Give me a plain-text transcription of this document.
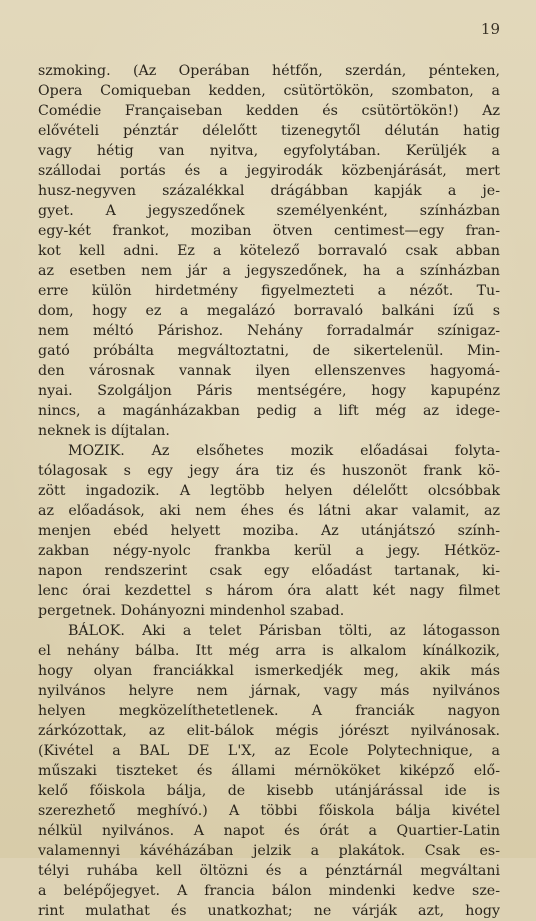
19
szmoking. (Az Operában hétfőn, szerdán, pénteken,
Opera Comiqueban kedden, csütörtökön, szombaton, a
Comédie Françaiseban kedden és csütörtökön!) Az
elővételi pénztár délelőtt tizenegytől délután hatig
vagy hétig van nyitva, egyfolytában. Kerüljék a
szállodai portás és a jegyirodák közbenjárását, mert
husz-negyven százalékkal drágábban kapják a je-
gyet. A jegyszedőnek személyenként, színházban
egy-két frankot, moziban ötven centimest—egy fran-
kot kell adni. Ez a kötelező borravaló csak abban
az esetben nem jár a jegyszedőnek, ha a színházban
erre külön hirdetmény figyelmezteti a nézőt. Tu-
dom, hogy ez a megalázó borravaló balkáni ízű s
nem méltó Párishoz. Nehány forradalmár színigaz-
gató próbálta megváltoztatni, de sikertelenül. Min-
den városnak vannak ilyen ellenszenves hagyomá-
nyai. Szolgáljon Páris mentségére, hogy kapupénz
nincs, a magánházakban pedig a lift még az idege-
neknek is díjtalan.
MOZIK. Az elsőhetes mozik előadásai folyta-
tólagosak s egy jegy ára tiz és huszonöt frank kö-
zött ingadozik. A legtöbb helyen délelőtt olcsóbbak
az előadások, aki nem éhes és látni akar valamit, az
menjen ebéd helyett moziba. Az utánjátszó szính-
zakban négy-nyolc frankba kerül a jegy. Hétköz-
napon rendszerint csak egy előadást tartanak, ki-
lenc órai kezdettel s három óra alatt két nagy filmet
pergetnek. Dohányozni mindenhol szabad.
BÁLOK. Aki a telet Párisban tölti, az látogasson
el nehány bálba. Itt még arra is alkalom kínálkozik,
hogy olyan franciákkal ismerkedjék meg, akik más
nyilvános helyre nem járnak, vagy más nyilvános
helyen megközelíthetetlenek. A franciák nagyon
zárkózottak, az elit-bálok mégis jórészt nyilvánosak.
(Kivétel a BAL DE L'X, az Ecole Polytechnique, a
műszaki tiszteket és állami mérnököket kiképző elő-
kelő főiskola bálja, de kisebb utánjárással ide is
szerezhető meghívó.) A többi főiskola bálja kivétel
nélkül nyilvános. A napot és órát a Quartier-Latin
valamennyi kávéházában jelzik a plakátok. Csak es-
télyi ruhába kell öltözni és a pénztárnál megváltani
a belépőjegyet. A francia bálon mindenki kedve sze-
rint mulathat és unatkozhat; ne várják azt, hogy
